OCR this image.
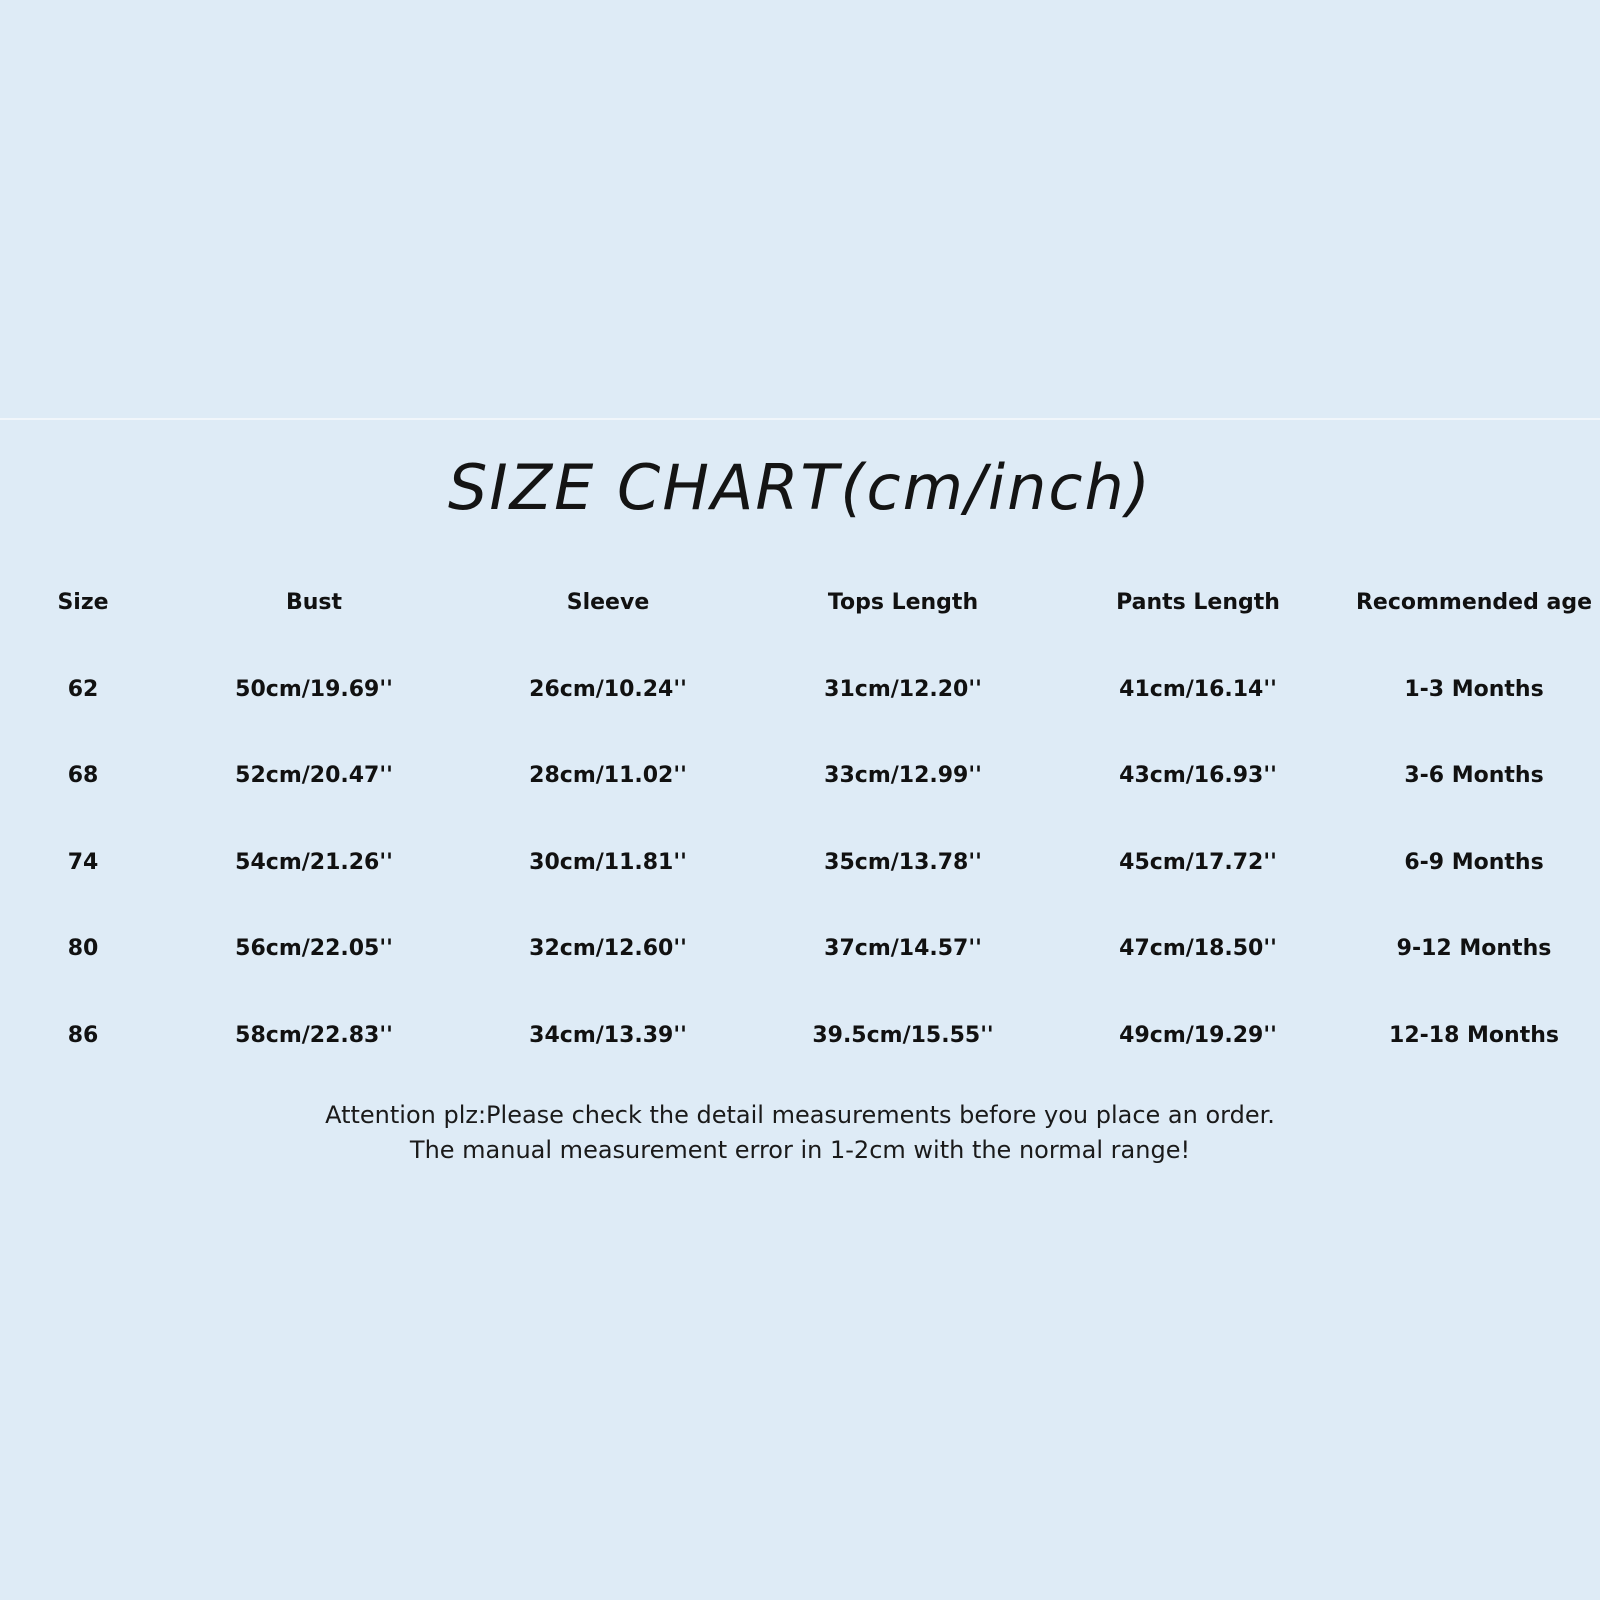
SIZE CHART(cm/inch)
Size	Bust	Sleeve	Tops Length	Pants Length	Recommended age
62	50cm/19.69''	26cm/10.24''	31cm/12.20''	41cm/16.14''	1-3 Months
68	52cm/20.47''	28cm/11.02''	33cm/12.99''	43cm/16.93''	3-6 Months
74	54cm/21.26''	30cm/11.81''	35cm/13.78''	45cm/17.72''	6-9 Months
80	56cm/22.05''	32cm/12.60''	37cm/14.57''	47cm/18.50''	9-12 Months
86	58cm/22.83''	34cm/13.39''	39.5cm/15.55''	49cm/19.29''	12-18 Months
Attention plz:Please check the detail measurements before you place an order.
The manual measurement error in 1-2cm with the normal range!
